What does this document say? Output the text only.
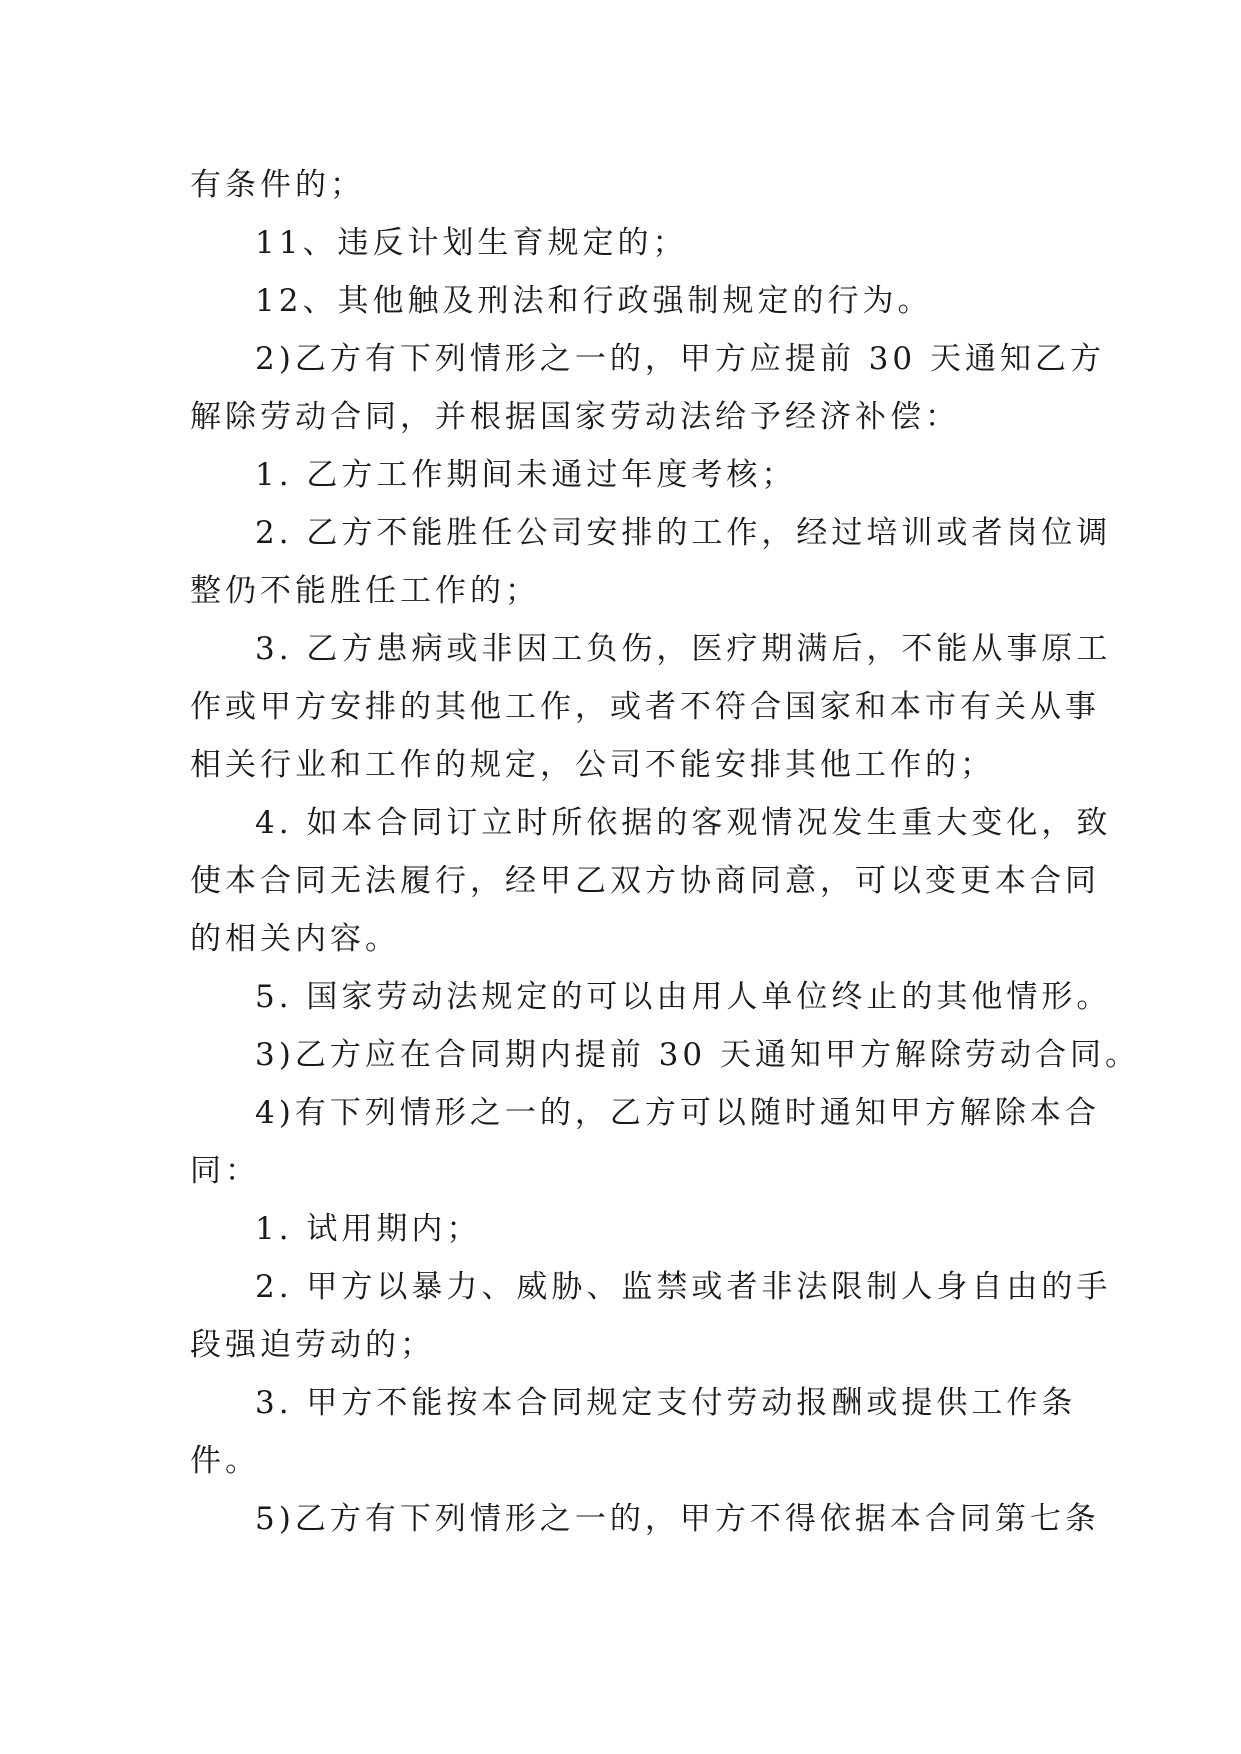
有条件的；
11、违反计划生育规定的；
12、其他触及刑法和行政强制规定的行为。
2)乙方有下列情形之一的，甲方应提前 30 天通知乙方
解除劳动合同，并根据国家劳动法给予经济补偿：
1. 乙方工作期间未通过年度考核；
2. 乙方不能胜任公司安排的工作，经过培训或者岗位调
整仍不能胜任工作的；
3. 乙方患病或非因工负伤，医疗期满后，不能从事原工
作或甲方安排的其他工作，或者不符合国家和本市有关从事
相关行业和工作的规定，公司不能安排其他工作的；
4. 如本合同订立时所依据的客观情况发生重大变化，致
使本合同无法履行，经甲乙双方协商同意，可以变更本合同
的相关内容。
5. 国家劳动法规定的可以由用人单位终止的其他情形。
3)乙方应在合同期内提前 30 天通知甲方解除劳动合同。
4)有下列情形之一的，乙方可以随时通知甲方解除本合
同：
1. 试用期内；
2. 甲方以暴力、威胁、监禁或者非法限制人身自由的手
段强迫劳动的；
3. 甲方不能按本合同规定支付劳动报酬或提供工作条
件。
5)乙方有下列情形之一的，甲方不得依据本合同第七条
